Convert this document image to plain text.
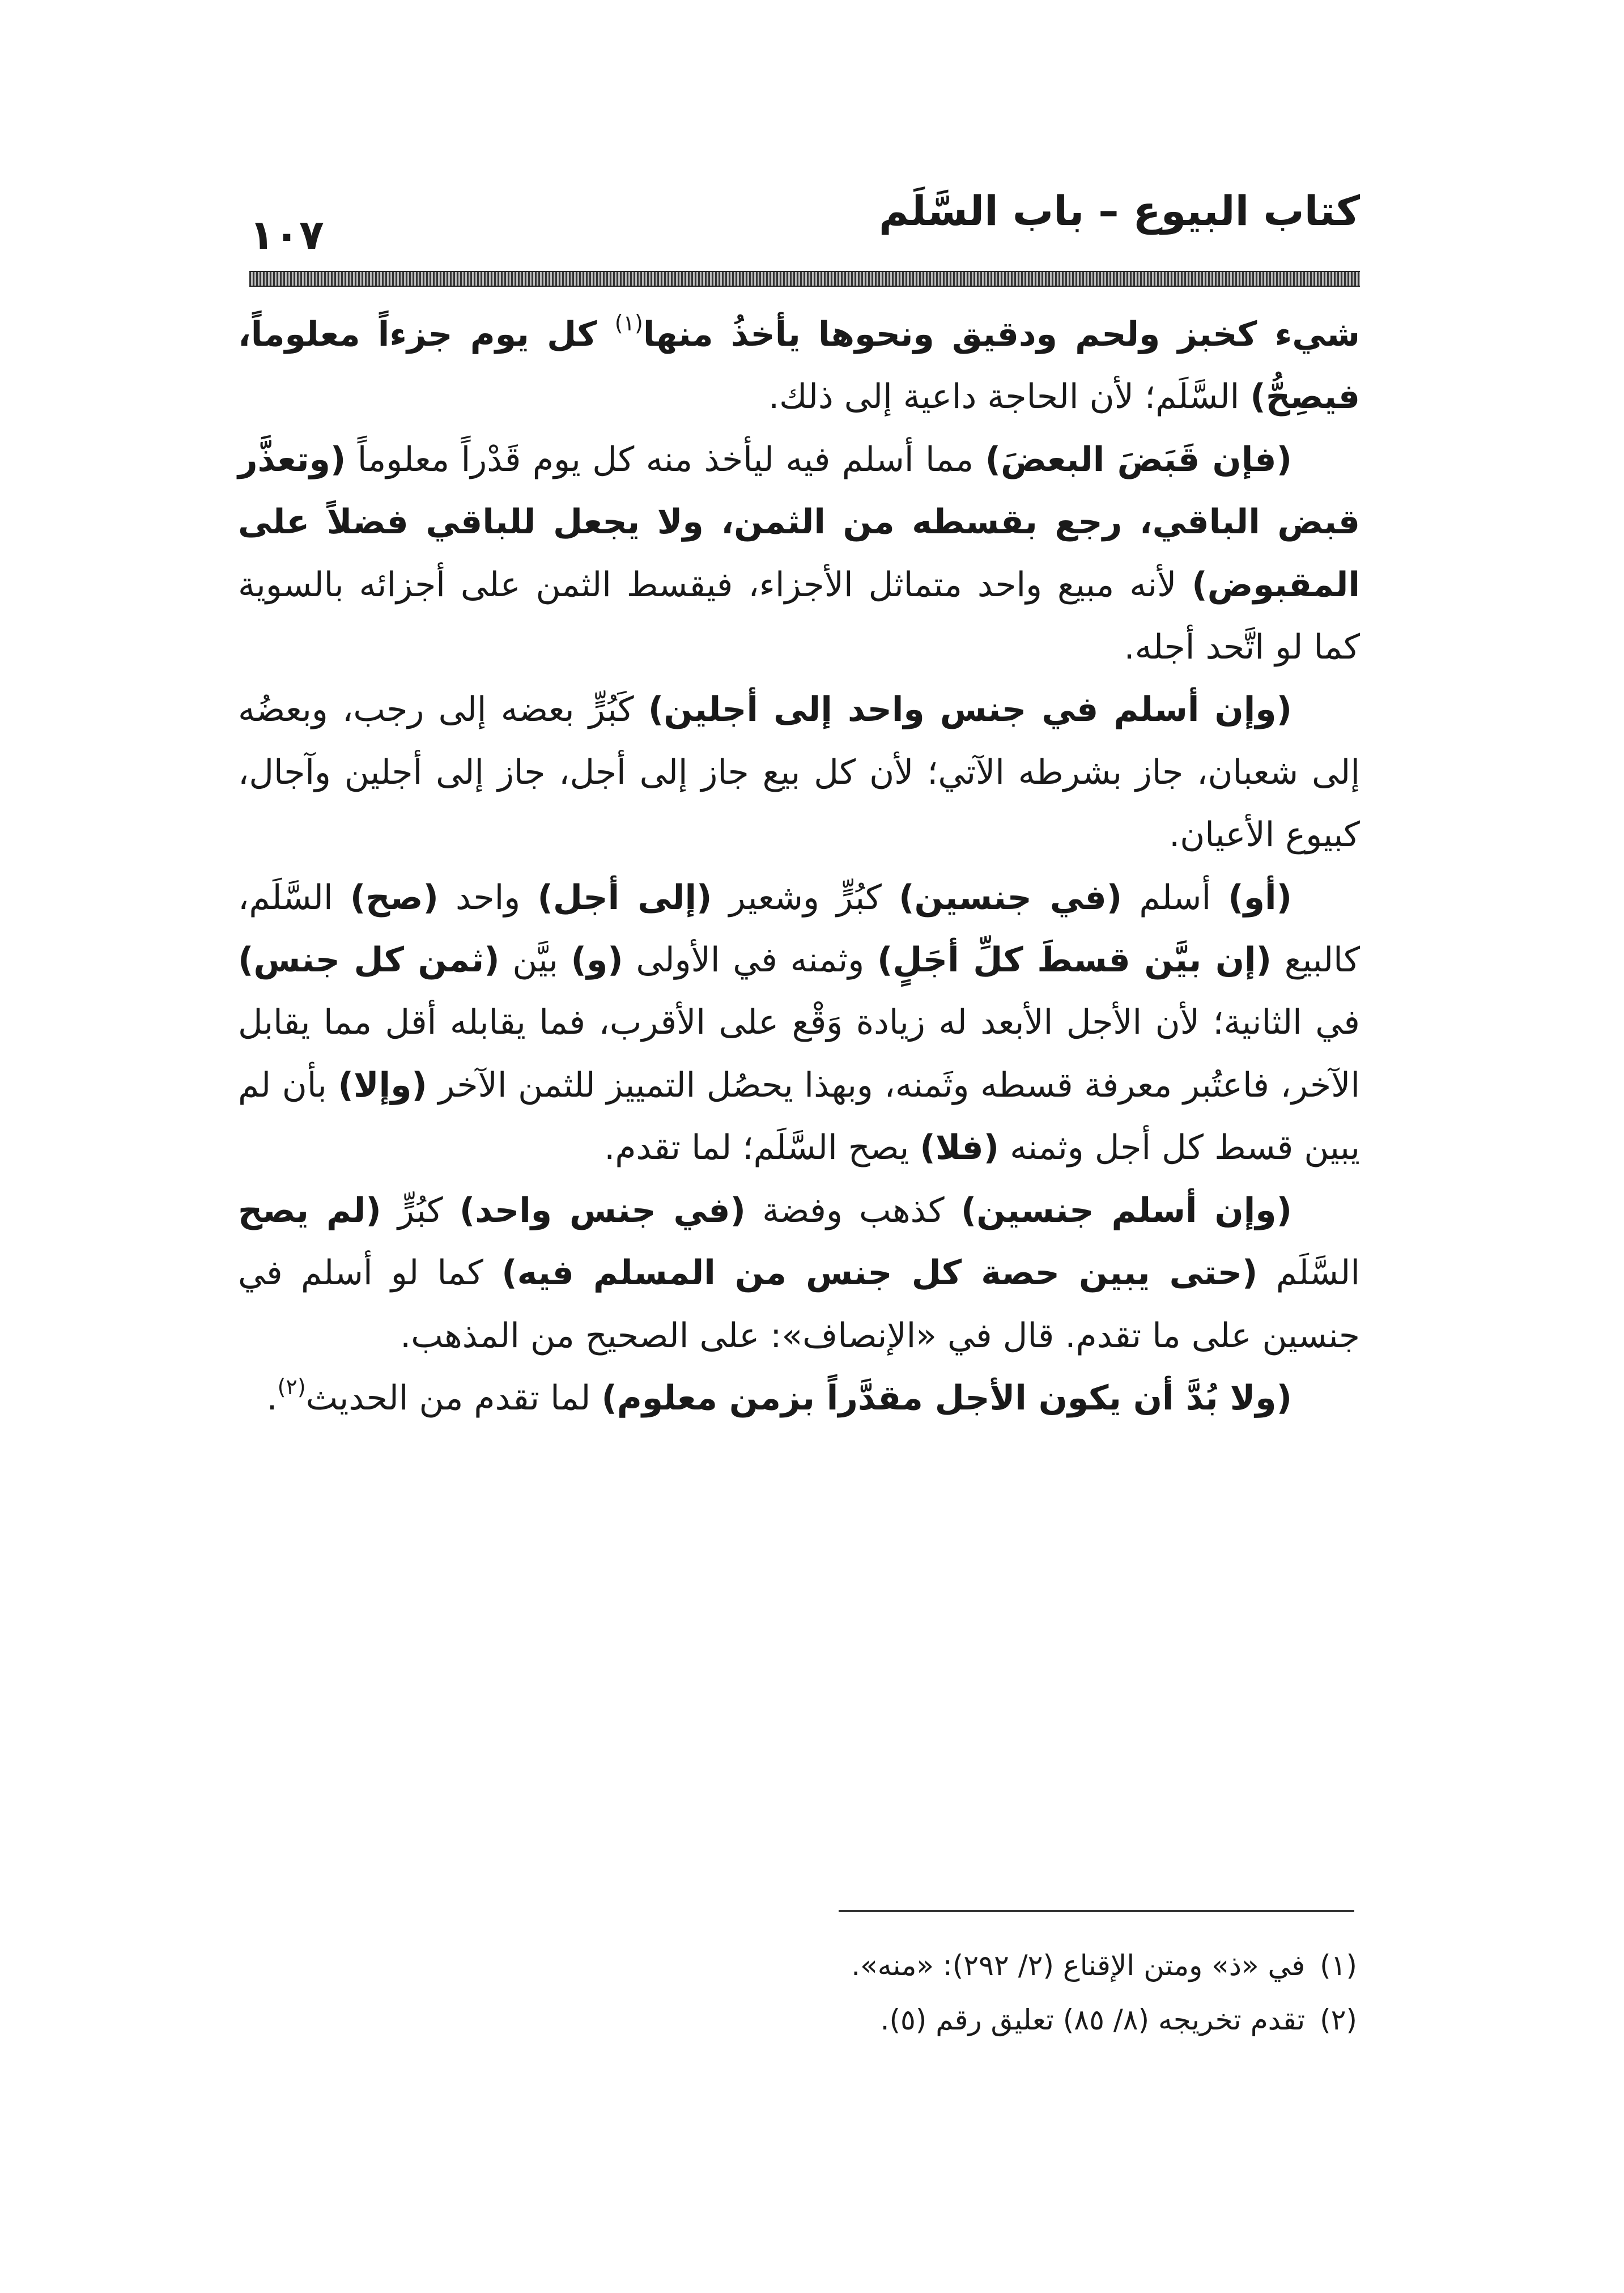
كتاب البيوع – باب السَّلَم
١٠٧

شيء كخبز ولحم ودقيق ونحوها يأخذُ منها$^{(١)}$ كل يوم جزءاً معلوماً، فيصِحُّ) السَّلَم؛ لأن الحاجة داعية إلى ذلك.

(فإن قَبَضَ البعضَ) مما أسلم فيه ليأخذ منه كل يوم قَدْراً معلوماً (وتعذَّر قبض الباقي، رجع بقسطه من الثمن، ولا يجعل للباقي فضلاً على المقبوض) لأنه مبيع واحد متماثل الأجزاء، فيقسط الثمن على أجزائه بالسوية كما لو اتَّحد أجله.

(وإن أسلم في جنس واحد إلى أجلين) كَبُرٍّ بعضه إلى رجب، وبعضُه إلى شعبان، جاز بشرطه الآتي؛ لأن كل بيع جاز إلى أجل، جاز إلى أجلين وآجال، كبيوع الأعيان.

(أو) أسلم (في جنسين) كبُرٍّ وشعير (إلى أجل) واحد (صح) السَّلَم، كالبيع (إن بيَّن قسطَ كلِّ أجَلٍ) وثمنه في الأولى (و) بيَّن (ثمن كل جنس) في الثانية؛ لأن الأجل الأبعد له زيادة وَقْع على الأقرب، فما يقابله أقل مما يقابل الآخر، فاعتُبر معرفة قسطه وثَمنه، وبهذا يحصُل التمييز للثمن الآخر (وإلا) بأن لم يبين قسط كل أجل وثمنه (فلا) يصح السَّلَم؛ لما تقدم.

(وإن أسلم جنسين) كذهب وفضة (في جنس واحد) كبُرٍّ (لم يصح السَّلَم (حتى يبين حصة كل جنس من المسلم فيه) كما لو أسلم في جنسين على ما تقدم. قال في «الإنصاف»: على الصحيح من المذهب.

(ولا بُدَّ أن يكون الأجل مقدَّراً بزمن معلوم) لما تقدم من الحديث$^{(٢)}$.

(١)في «ذ» ومتن الإقناع (٢/ ٢٩٢): «منه».

(٢)تقدم تخريجه (٨/ ٨٥) تعليق رقم (٥).
